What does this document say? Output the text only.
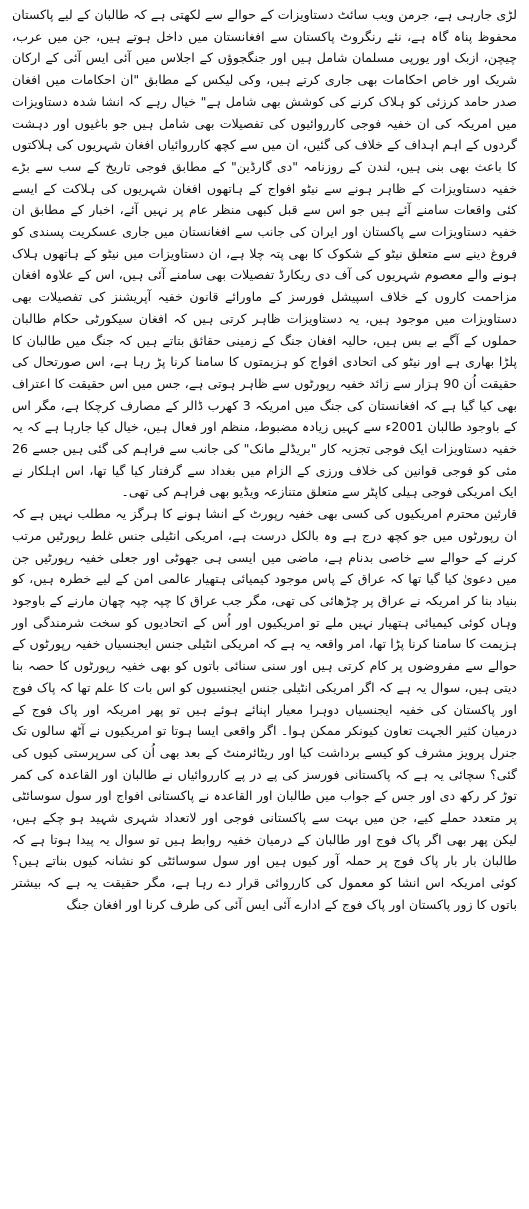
لڑی جارہی ہے، جرمن ویب سائٹ دستاویزات کے حوالے سے لکھتی ہے کہ طالبان کے لیے پاکستان محفوظ پناہ گاہ ہے، نئے رنگروٹ پاکستان سے افغانستان میں داخل ہوتے ہیں، جن میں عرب، چیچن، ازبک اور یورپی مسلمان شامل ہیں اور جنگجوؤں کے اجلاس میں آئی ایس آئی کے ارکان شریک اور خاص احکامات بھی جاری کرتے ہیں، وکی لیکس کے مطابق "ان احکامات میں افغان صدر حامد کرزئی کو ہلاک کرنے کی کوشش بھی شامل ہے" خیال رہے کہ انشا شدہ دستاویزات میں امریکہ کی ان خفیہ فوجی کارروائیوں کی تفصیلات بھی شامل ہیں جو باغیوں اور دہشت گردوں کے اہم اہداف کے خلاف کی گئیں، ان میں سے کچھ کارروائیاں افغان شہریوں کی ہلاکتوں کا باعث بھی بنی ہیں، لندن کے روزنامہ "دی گارڈین" کے مطابق فوجی تاریخ کے سب سے بڑے خفیہ دستاویزات کے ظاہر ہونے سے نیٹو افواج کے ہاتھوں افغان شہریوں کی ہلاکت کے ایسے کئی واقعات سامنے آئے ہیں جو اس سے قبل کبھی منظر عام پر نہیں آئے، اخبار کے مطابق ان خفیہ دستاویزات سے پاکستان اور ایران کی جانب سے افغانستان میں جاری عسکریت پسندی کو فروغ دینے سے متعلق نیٹو کے شکوک کا بھی پتہ چلا ہے، ان دستاویزات میں نیٹو کے ہاتھوں ہلاک ہونے والے معصوم شہریوں کی آف دی ریکارڈ تفصیلات بھی سامنے آئی ہیں، اس کے علاوہ افغان مزاحمت کاروں کے خلاف اسپیشل فورسز کے ماورائے قانون خفیہ آپریشنز کی تفصیلات بھی دستاویزات میں موجود ہیں، یہ دستاویزات ظاہر کرتی ہیں کہ افغان سیکورٹی حکام طالبان حملوں کے آگے بے بس ہیں، حالیہ افغان جنگ کے زمینی حقائق بتاتے ہیں کہ جنگ میں طالبان کا پلڑا بھاری ہے اور نیٹو کی اتحادی افواج کو ہزیمتوں کا سامنا کرنا پڑ رہا ہے، اس صورتحال کی حقیقت اُن 90 ہزار سے زائد خفیہ رپورٹوں سے ظاہر ہوتی ہے، جس میں اس حقیقت کا اعتراف بھی کیا گیا ہے کہ افغانستان کی جنگ میں امریکہ 3 کھرب ڈالر کے مصارف کرچکا ہے، مگر اس کے باوجود طالبان 2001ء سے کہیں زیادہ مضبوط، منظم اور فعال ہیں، خیال کیا جارہا ہے کہ یہ خفیہ دستاویزات ایک فوجی تجزیہ کار "بریڈلے مانک" کی جانب سے فراہم کی گئی ہیں جسے 26 مئی کو فوجی قوانین کی خلاف ورزی کے الزام میں بغداد سے گرفتار کیا گیا تھا، اس اہلکار نے ایک امریکی فوجی ہیلی کاپٹر سے متعلق متنازعہ ویڈیو بھی فراہم کی تھی۔

قارئین محترم امریکیوں کی کسی بھی خفیہ رپورٹ کے انشا ہونے کا ہرگز یہ مطلب نہیں ہے کہ ان رپورٹوں میں جو کچھ درج ہے وہ بالکل درست ہے، امریکی انٹیلی جنس غلط رپورٹیں مرتب کرنے کے حوالے سے خاصی بدنام ہے، ماضی میں ایسی ہی جھوٹی اور جعلی خفیہ رپورٹیں جن میں دعویٰ کیا گیا تھا کہ عراق کے پاس موجود کیمیائی ہتھیار عالمی امن کے لیے خطرہ ہیں، کو بنیاد بنا کر امریکہ نے عراق پر چڑھائی کی تھی، مگر جب عراق کا چپہ چپہ چھان مارنے کے باوجود وہاں کوئی کیمیائی ہتھیار نہیں ملے تو امریکیوں اور اُس کے اتحادیوں کو سخت شرمندگی اور ہزیمت کا سامنا کرنا پڑا تھا، امر واقعہ یہ ہے کہ امریکی انٹیلی جنس ایجنسیاں خفیہ رپورٹوں کے حوالے سے مفروضوں پر کام کرتی ہیں اور سنی سنائی باتوں کو بھی خفیہ رپورٹوں کا حصہ بنا دیتی ہیں، سوال یہ ہے کہ اگر امریکی انٹیلی جنس ایجنسیوں کو اس بات کا علم تھا کہ پاک فوج اور پاکستان کی خفیہ ایجنسیاں دوہرا معیار اپنائے ہوئے ہیں تو پھر امریکہ اور پاک فوج کے درمیان کثیر الجہت تعاون کیونکر ممکن ہوا۔ اگر واقعی ایسا ہوتا تو امریکیوں نے آٹھ سالوں تک جنرل پرویز مشرف کو کیسے برداشت کیا اور ریٹائرمنٹ کے بعد بھی اُن کی سرپرستی کیوں کی گئی؟ سچائی یہ ہے کہ پاکستانی فورسز کی پے در پے کارروائیاں نے طالبان اور القاعدہ کی کمر توڑ کر رکھ دی اور جس کے جواب میں طالبان اور القاعدہ نے پاکستانی افواج اور سول سوسائٹی پر متعدد حملے کیے، جن میں بہت سے پاکستانی فوجی اور لاتعداد شہری شہید ہو چکے ہیں، لیکن پھر بھی اگر پاک فوج اور طالبان کے درمیان خفیہ روابط ہیں تو سوال یہ پیدا ہوتا ہے کہ طالبان بار بار پاک فوج پر حملہ آور کیوں ہیں اور سول سوسائٹی کو نشانہ کیوں بناتے ہیں؟ کوئی امریکہ اس انشا کو معمول کی کارروائی قرار دے رہا ہے، مگر حقیقت یہ ہے کہ بیشتر باتوں کا زور پاکستان اور پاک فوج کے ادارے آئی ایس آئی کی طرف کرنا اور افغان جنگ
